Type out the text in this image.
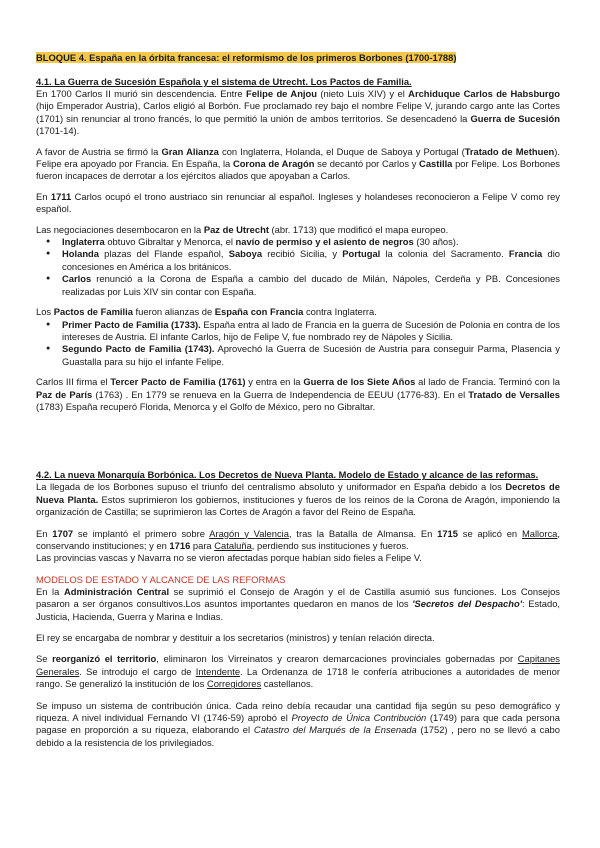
BLOQUE 4. España en la órbita francesa: el reformismo de los primeros Borbones (1700-1788)
4.1. La Guerra de Sucesión Española y el sistema de Utrecht. Los Pactos de Familia.

En 1700 Carlos II murió sin descendencia. Entre Felipe de Anjou (nieto Luis XIV) y el Archiduque Carlos de Habsburgo (hijo Emperador Austria), Carlos eligió al Borbón. Fue proclamado rey bajo el nombre Felipe V, jurando cargo ante las Cortes (1701) sin renunciar al trono francés, lo que permitió la unión de ambos territorios. Se desencadenó la Guerra de Sucesión (1701-14).

A favor de Austria se firmó la Gran Alianza con Inglaterra, Holanda, el Duque de Saboya y Portugal (Tratado de Methuen). Felipe era apoyado por Francia. En España, la Corona de Aragón se decantó por Carlos y Castilla por Felipe. Los Borbones fueron incapaces de derrotar a los ejércitos aliados que apoyaban a Carlos.

En 1711 Carlos ocupó el trono austriaco sin renunciar al español. Ingleses y holandeses reconocieron a Felipe V como rey español.

Las negociaciones desembocaron en la Paz de Utrecht (abr. 1713) que modificó el mapa europeo.

● Inglaterra obtuvo Gibraltar y Menorca, el navío de permiso y el asiento de negros (30 años).
● Holanda plazas del Flande español, Saboya recibió Sicilia, y Portugal la colonia del Sacramento. Francia dio concesiones en América a los británicos.
● Carlos renunció a la Corona de España a cambio del ducado de Milán, Nápoles, Cerdeña y PB. Concesiones realizadas por Luis XIV sin contar con España.

Los Pactos de Familia fueron alianzas de España con Francia contra Inglaterra.

● Primer Pacto de Familia (1733). España entra al lado de Francia en la guerra de Sucesión de Polonia en contra de los intereses de Austria. El infante Carlos, hijo de Felipe V, fue nombrado rey de Nápoles y Sicilia.
● Segundo Pacto de Familia (1743). Aprovechó la Guerra de Sucesión de Austria para conseguir Parma, Plasencia y Guastalla para su hijo el infante Felipe.

Carlos III firma el Tercer Pacto de Familia (1761) y entra en la Guerra de los Siete Años al lado de Francia. Terminó con la Paz de París (1763) . En 1779 se renueva en la Guerra de Independencia de EEUU (1776-83). En el Tratado de Versalles (1783) España recuperó Florida, Menorca y el Golfo de México, pero no Gibraltar.

4.2. La nueva Monarquía Borbónica. Los Decretos de Nueva Planta. Modelo de Estado y alcance de las reformas.

La llegada de los Borbones supuso el triunfo del centralismo absoluto y uniformador en España debido a los Decretos de Nueva Planta. Estos suprimieron los gobiernos, instituciones y fueros de los reinos de la Corona de Aragón, imponiendo la organización de Castilla; se suprimieron las Cortes de Aragón a favor del Reino de España.

En 1707 se implantó el primero sobre Aragón y Valencia, tras la Batalla de Almansa. En 1715 se aplicó en Mallorca, conservando instituciones; y en 1716 para Cataluña, perdiendo sus instituciones y fueros.

Las provincias vascas y Navarra no se vieron afectadas porque habían sido fieles a Felipe V.

MODELOS DE ESTADO Y ALCANCE DE LAS REFORMAS

En la Administración Central se suprimió el Consejo de Aragón y el de Castilla asumió sus funciones. Los Consejos pasaron a ser órganos consultivos.Los asuntos importantes quedaron en manos de los 'Secretos del Despacho': Estado, Justicia, Hacienda, Guerra y Marina e Indias.

El rey se encargaba de nombrar y destituir a los secretarios (ministros) y tenían relación directa.

Se reorganizó el territorio, eliminaron los Virreinatos y crearon demarcaciones provinciales gobernadas por Capitanes Generales. Se introdujo el cargo de Intendente. La Ordenanza de 1718 le confería atribuciones a autoridades de menor rango. Se generalizó la institución de los Corregidores castellanos.

Se impuso un sistema de contribución única. Cada reino debía recaudar una cantidad fija según su peso demográfico y riqueza. A nivel individual Fernando VI (1746-59) aprobó el Proyecto de Única Contribución (1749) para que cada persona pagase en proporción a su riqueza, elaborando el Catastro del Marqués de la Ensenada (1752) , pero no se llevó a cabo debido a la resistencia de los privilegiados.
